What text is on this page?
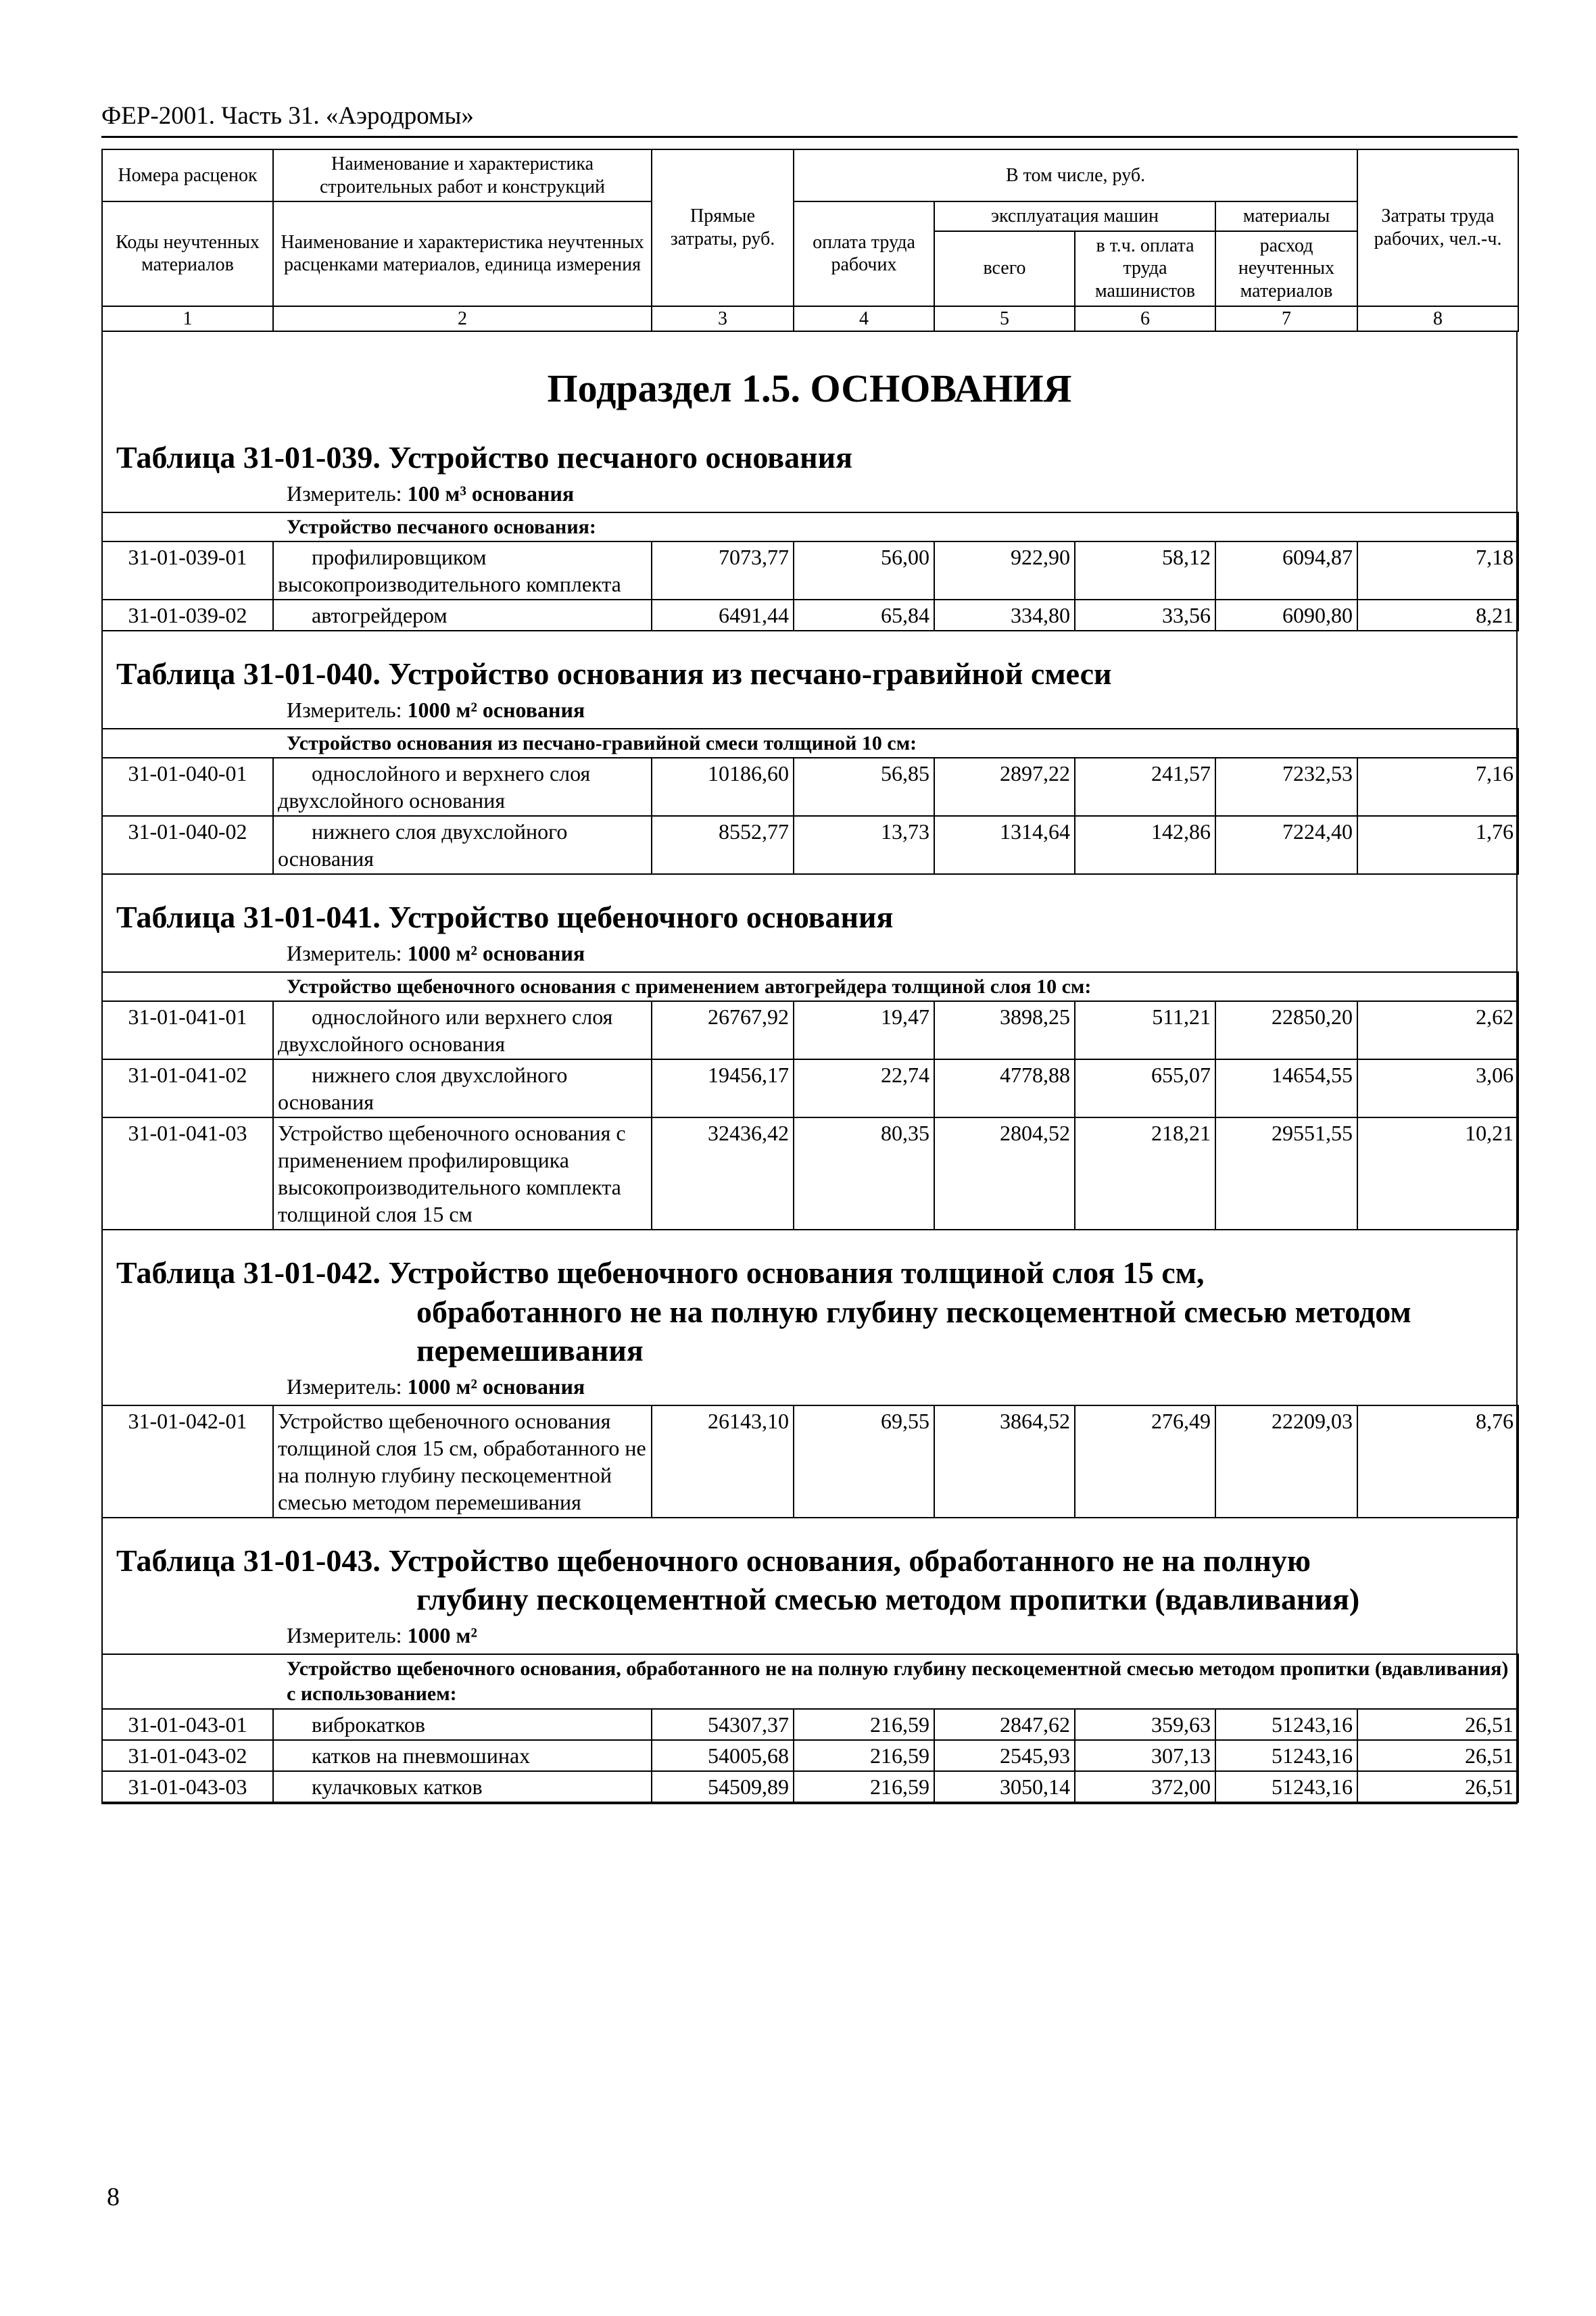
ФЕР-2001. Часть 31. «Аэродромы»
Номера расценок	Наименование и характеристика строительных работ и конструкций	Прямые затраты, руб.	В том числе, руб.				Затраты труда рабочих, чел.-ч.
Коды неучтенных материалов	Наименование и характеристика неучтенных расценками материалов, единица измерения		оплата труда рабочих	эксплуатация машин		материалы	
				всего	в т.ч. оплата труда машинистов	расход неучтенных материалов	
1	2	3	4	5	6	7	8
Подраздел 1.5. ОСНОВАНИЯ
Таблица 31-01-039. Устройство песчаного основания
Измеритель: 100 м³ основания
Устройство песчаного основания:							
31-01-039-01	профилировщиком высокопроизводительного комплекта	7073,77	56,00	922,90	58,12	6094,87	7,18
31-01-039-02	автогрейдером	6491,44	65,84	334,80	33,56	6090,80	8,21
Таблица 31-01-040. Устройство основания из песчано-гравийной смеси
Измеритель: 1000 м² основания
Устройство основания из песчано-гравийной смеси толщиной 10 см:							
31-01-040-01	однослойного и верхнего слоя двухслойного основания	10186,60	56,85	2897,22	241,57	7232,53	7,16
31-01-040-02	нижнего слоя двухслойного основания	8552,77	13,73	1314,64	142,86	7224,40	1,76
Таблица 31-01-041. Устройство щебеночного основания
Измеритель: 1000 м² основания
Устройство щебеночного основания с применением автогрейдера толщиной слоя 10 см:							
31-01-041-01	однослойного или верхнего слоя двухслойного основания	26767,92	19,47	3898,25	511,21	22850,20	2,62
31-01-041-02	нижнего слоя двухслойного основания	19456,17	22,74	4778,88	655,07	14654,55	3,06
31-01-041-03	Устройство щебеночного основания с применением профилировщика высокопроизводительного комплекта толщиной слоя 15 см	32436,42	80,35	2804,52	218,21	29551,55	10,21
Таблица 31-01-042. Устройство щебеночного основания толщиной слоя 15 см,
обработанного не на полную глубину пескоцементной смесью методом перемешивания
Измеритель: 1000 м² основания
31-01-042-01	Устройство щебеночного основания толщиной слоя 15 см, обработанного не на полную глубину пескоцементной смесью методом перемешивания	26143,10	69,55	3864,52	276,49	22209,03	8,76
Таблица 31-01-043. Устройство щебеночного основания, обработанного не на полную
глубину пескоцементной смесью методом пропитки (вдавливания)
Измеритель: 1000 м²
Устройство щебеночного основания, обработанного не на полную глубину пескоцементной смесью методом пропитки (вдавливания) с использованием:							
31-01-043-01	виброкатков	54307,37	216,59	2847,62	359,63	51243,16	26,51
31-01-043-02	катков на пневмошинах	54005,68	216,59	2545,93	307,13	51243,16	26,51
31-01-043-03	кулачковых катков	54509,89	216,59	3050,14	372,00	51243,16	26,51
8
